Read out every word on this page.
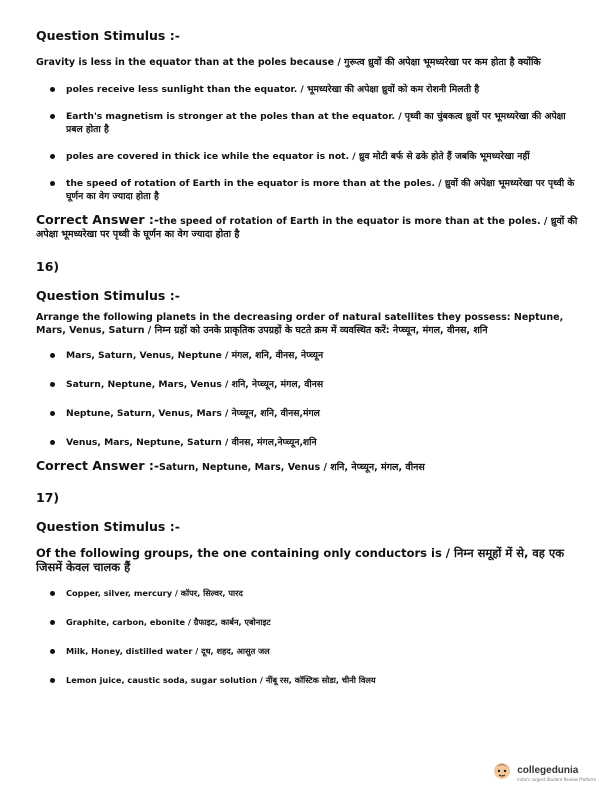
Question Stimulus :-

Gravity is less in the equator than at the poles because / गुरूत्व ध्रुवों की अपेक्षा भूमध्यरेखा पर कम होता है क्योंकि
poles receive less sunlight than the equator. / भूमध्यरेखा की अपेक्षा ध्रुवों को कम रोशनी मिलती है
Earth's magnetism is stronger at the poles than at the equator. / पृथ्वी का चुंबकत्व ध्रुवों पर भूमध्यरेखा की अपेक्षा प्रबल होता है
poles are covered in thick ice while the equator is not. / ध्रुव मोटी बर्फ से ढके होते हैं जबकि भूमध्यरेखा नहीं
the speed of rotation of Earth in the equator is more than at the poles. / ध्रुवों की अपेक्षा भूमध्यरेखा पर पृथ्वी के घूर्णन का वेग ज्यादा होता है
Correct Answer :-the speed of rotation of Earth in the equator is more than at the poles. / ध्रुवों की अपेक्षा भूमध्यरेखा पर पृथ्वी के घूर्णन का वेग ज्यादा होता है
16)

Question Stimulus :-

Arrange the following planets in the decreasing order of natural satellites they possess: Neptune, Mars, Venus, Saturn / निम्न ग्रहों को उनके प्राकृतिक उपग्रहों के घटते क्रम में व्यवस्थित करें: नेप्च्यून, मंगल, वीनस, शनि
Mars, Saturn, Venus, Neptune / मंगल, शनि, वीनस, नेप्च्यून
Saturn, Neptune, Mars, Venus / शनि, नेप्च्यून, मंगल, वीनस
Neptune, Saturn, Venus, Mars / नेप्च्यून, शनि, वीनस,मंगल
Venus, Mars, Neptune, Saturn / वीनस, मंगल,नेप्च्यून,शनि
Correct Answer :-Saturn, Neptune, Mars, Venus / शनि, नेप्च्यून, मंगल, वीनस
17)

Question Stimulus :-

Of the following groups, the one containing only conductors is / निम्न समूहों में से, वह एक जिसमें केवल चालक हैं
Copper, silver, mercury / कॉपर, सिल्वर, पारद
Graphite, carbon, ebonite / ग्रैफाइट, कार्बन, एबोनाइट
Milk, Honey, distilled water / दूध, शहद, आसुत जल
Lemon juice, caustic soda, sugar solution / नींबू रस, कॉस्टिक सोडा, चीनी विलय
collegedunia
India's largest Student Review Platform
